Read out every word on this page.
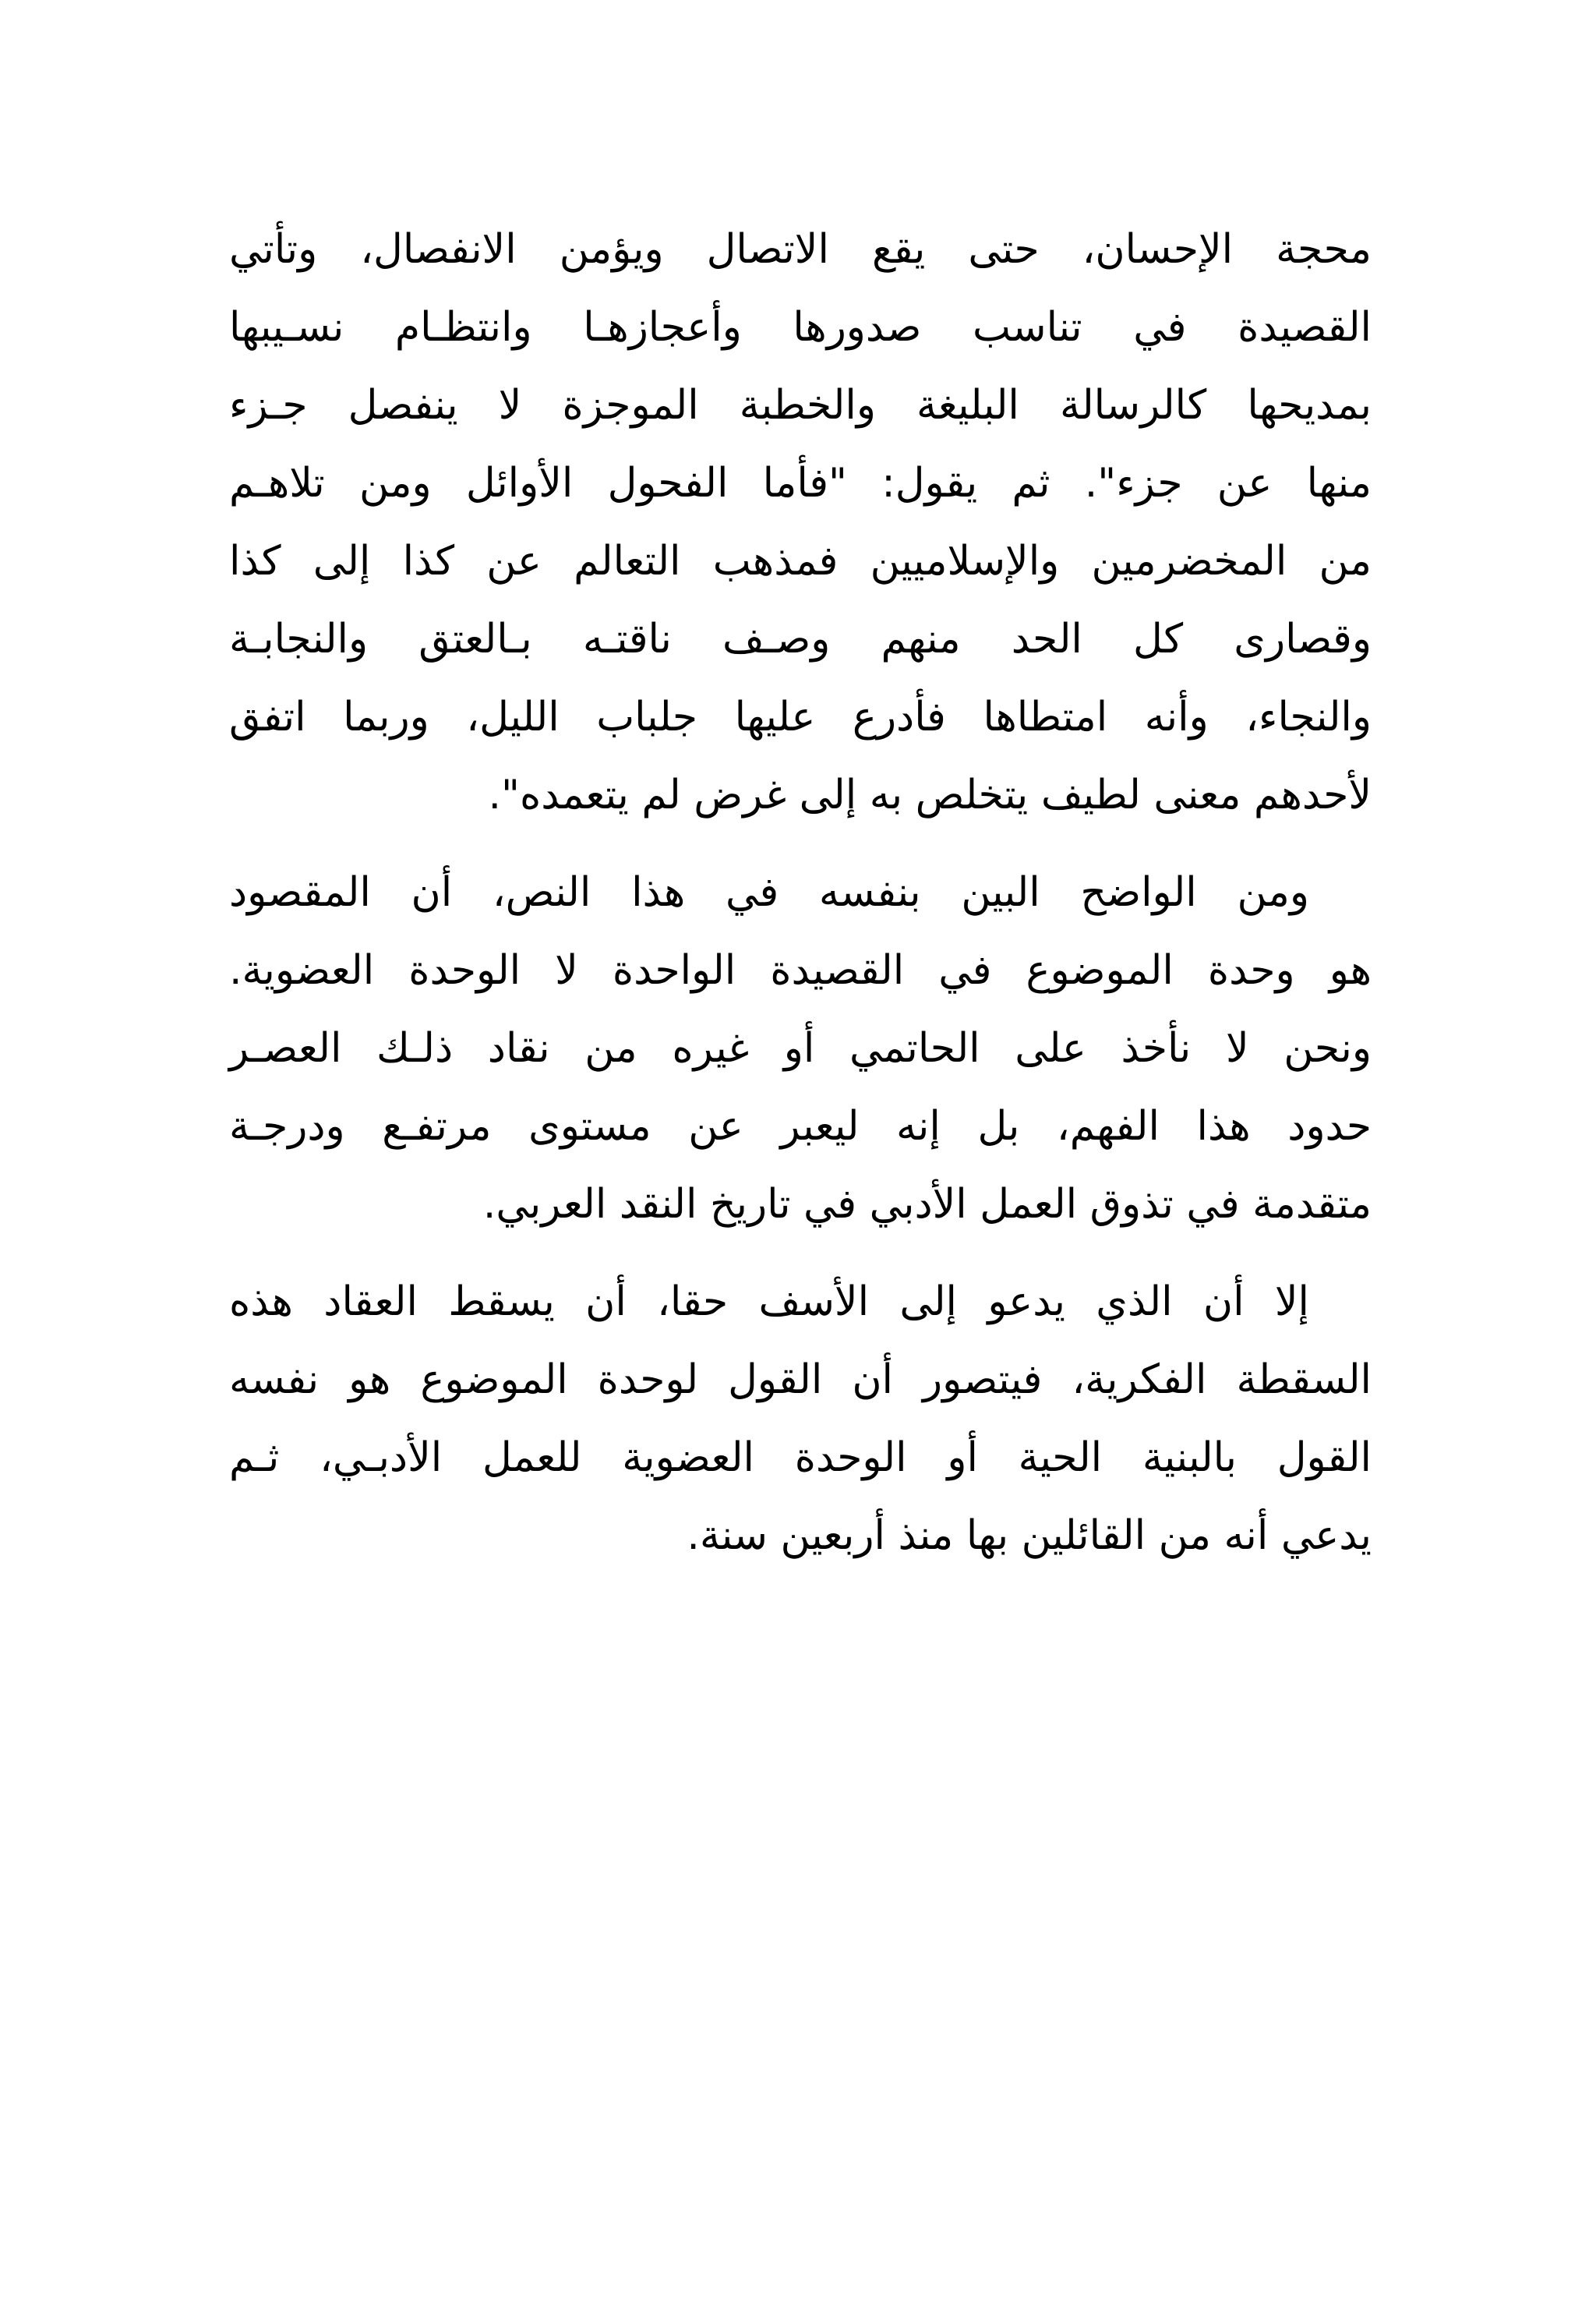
محجة الإحسان، حتى يقع الاتصال ويؤمن الانفصال، وتأتي
القصيدة في تناسب صدورها وأعجازهـا وانتظـام نسـيبها
بمديحها كالرسالة البليغة والخطبة الموجزة لا ينفصل جـزء
منها عن جزء". ثم يقول: "فأما الفحول الأوائل ومن تلاهـم
من المخضرمين والإسلاميين فمذهب التعالم عن كذا إلى كذا
وقصارى كل الحد منهم وصـف ناقتـه بـالعتق والنجابـة
والنجاء، وأنه امتطاها فأدرع عليها جلباب الليل، وربما اتفق
لأحدهم معنى لطيف يتخلص به إلى غرض لم يتعمده".
ومن الواضح البين بنفسه في هذا النص، أن المقصود
هو وحدة الموضوع في القصيدة الواحدة لا الوحدة العضوية.
ونحن لا نأخذ على الحاتمي أو غيره من نقاد ذلـك العصـر
حدود هذا الفهم، بل إنه ليعبر عن مستوى مرتفـع ودرجـة
متقدمة في تذوق العمل الأدبي في تاريخ النقد العربي.
إلا أن الذي يدعو إلى الأسف حقا، أن يسقط العقاد هذه
السقطة الفكرية، فيتصور أن القول لوحدة الموضوع هو نفسه
القول بالبنية الحية أو الوحدة العضوية للعمل الأدبـي، ثـم
يدعي أنه من القائلين بها منذ أربعين سنة.
